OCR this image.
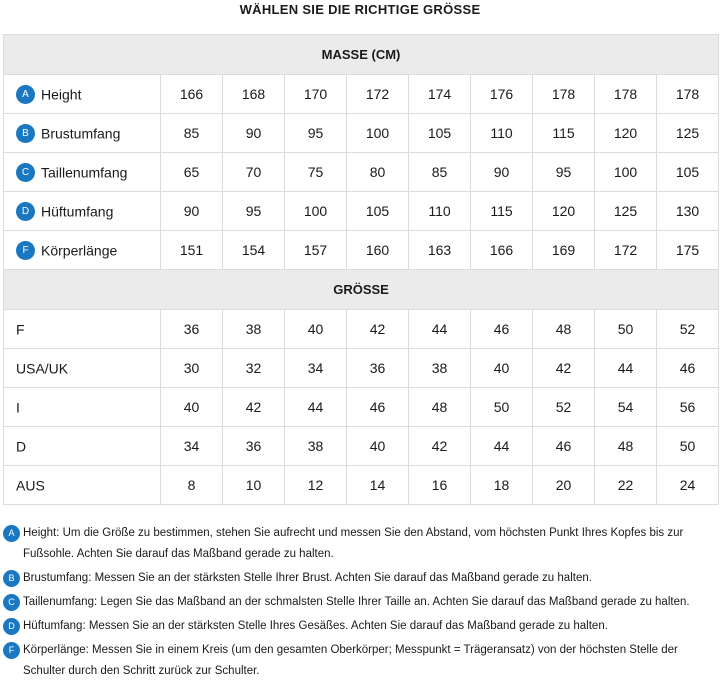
WÄHLEN SIE DIE RICHTIGE GRÖSSE
MASSE (CM)									
A Height	166	168	170	172	174	176	178	178	178
B Brustumfang	85	90	95	100	105	110	115	120	125
C Taillenumfang	65	70	75	80	85	90	95	100	105
D Hüftumfang	90	95	100	105	110	115	120	125	130
F Körperlänge	151	154	157	160	163	166	169	172	175
GRÖSSE									
F	36	38	40	42	44	46	48	50	52
USA/UK	30	32	34	36	38	40	42	44	46
I	40	42	44	46	48	50	52	54	56
D	34	36	38	40	42	44	46	48	50
AUS	8	10	12	14	16	18	20	22	24
A Height: Um die Größe zu bestimmen, stehen Sie aufrecht und messen Sie den Abstand, vom höchsten Punkt Ihres Kopfes bis zur Fußsohle. Achten Sie darauf das Maßband gerade zu halten.
B Brustumfang: Messen Sie an der stärksten Stelle Ihrer Brust. Achten Sie darauf das Maßband gerade zu halten.
C Taillenumfang: Legen Sie das Maßband an der schmalsten Stelle Ihrer Taille an. Achten Sie darauf das Maßband gerade zu halten.
D Hüftumfang: Messen Sie an der stärksten Stelle Ihres Gesäßes. Achten Sie darauf das Maßband gerade zu halten.
F Körperlänge: Messen Sie in einem Kreis (um den gesamten Oberkörper; Messpunkt = Trägeransatz) von der höchsten Stelle der Schulter durch den Schritt zurück zur Schulter.
